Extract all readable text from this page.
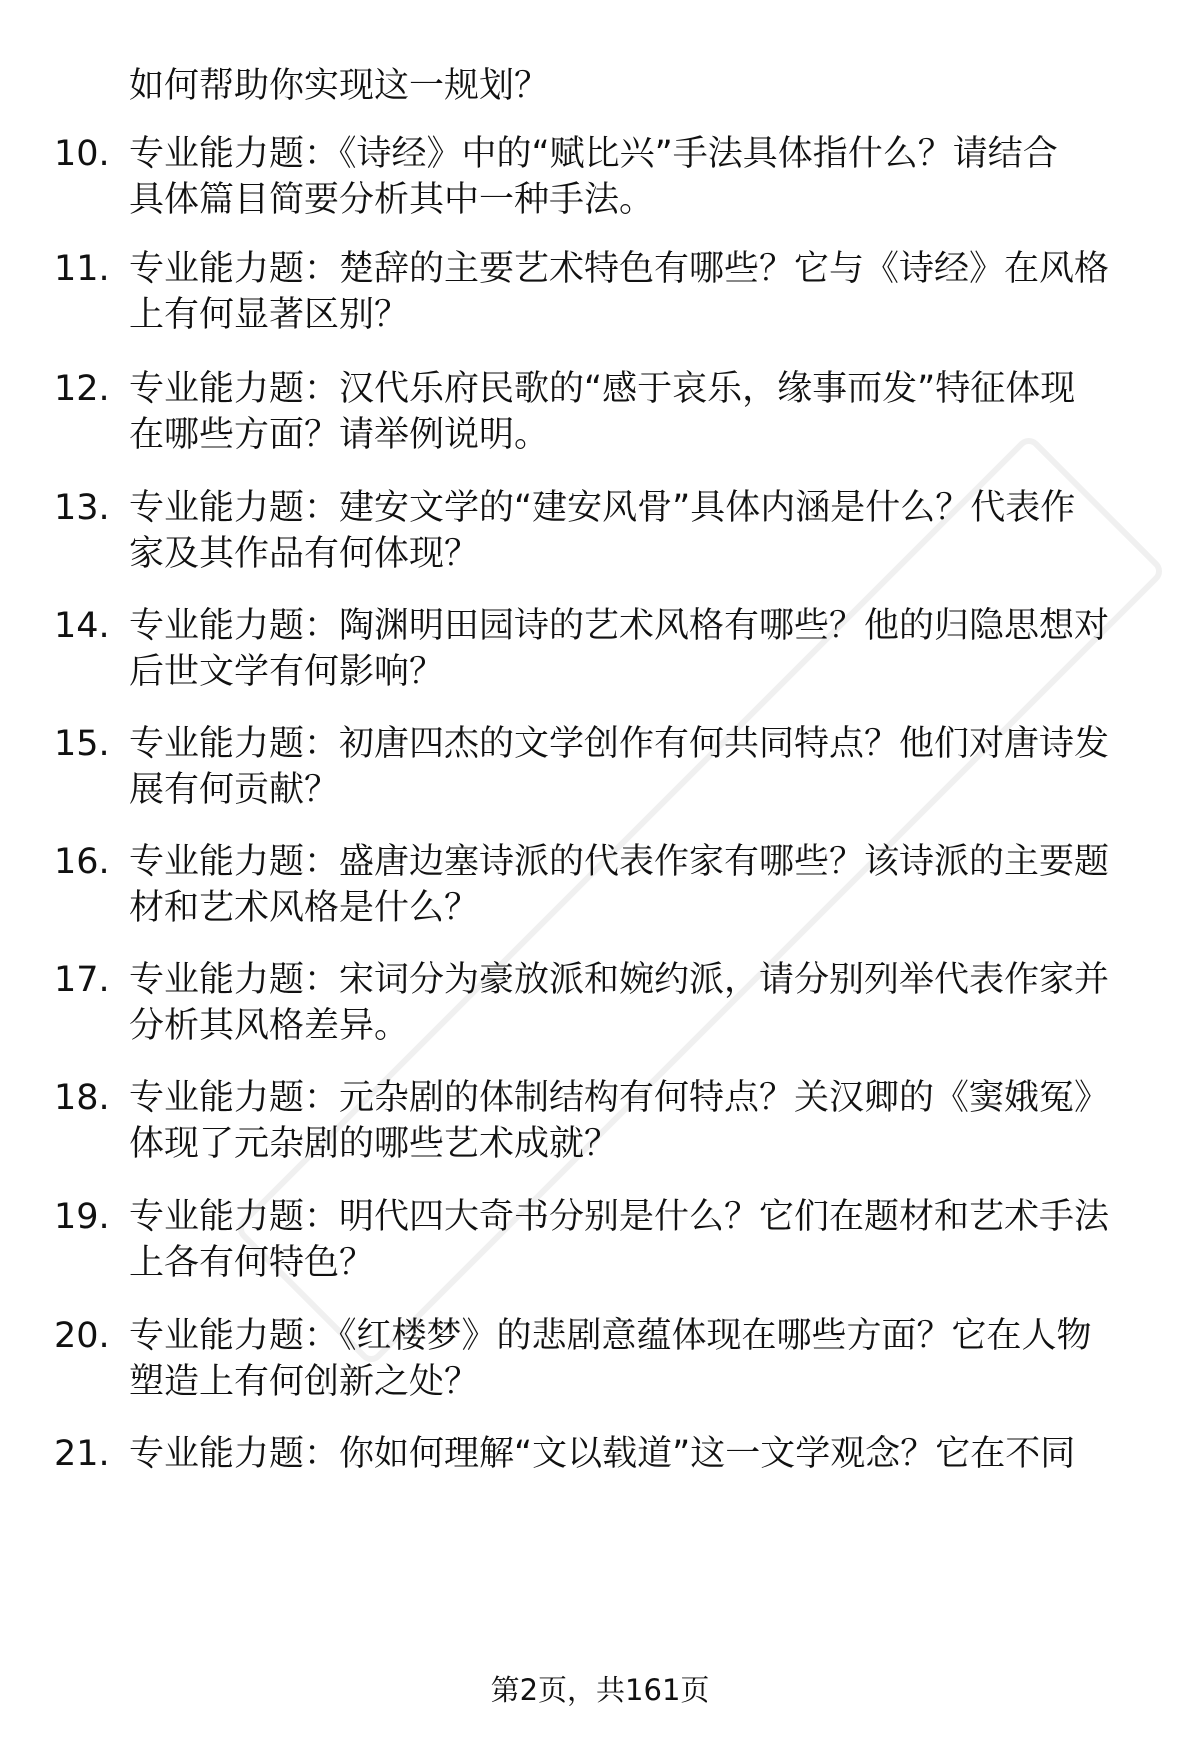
如何帮助你实现这一规划？
10. 专业能力题：《诗经》中的“赋比兴”手法具体指什么？请结合
具体篇目简要分析其中一种手法。
11. 专业能力题：楚辞的主要艺术特色有哪些？它与《诗经》在风格
上有何显著区别？
12. 专业能力题：汉代乐府民歌的“感于哀乐，缘事而发”特征体现
在哪些方面？请举例说明。
13. 专业能力题：建安文学的“建安风骨”具体内涵是什么？代表作
家及其作品有何体现？
14. 专业能力题：陶渊明田园诗的艺术风格有哪些？他的归隐思想对
后世文学有何影响？
15. 专业能力题：初唐四杰的文学创作有何共同特点？他们对唐诗发
展有何贡献？
16. 专业能力题：盛唐边塞诗派的代表作家有哪些？该诗派的主要题
材和艺术风格是什么？
17. 专业能力题：宋词分为豪放派和婉约派，请分别列举代表作家并
分析其风格差异。
18. 专业能力题：元杂剧的体制结构有何特点？关汉卿的《窦娥冤》
体现了元杂剧的哪些艺术成就？
19. 专业能力题：明代四大奇书分别是什么？它们在题材和艺术手法
上各有何特色？
20. 专业能力题：《红楼梦》的悲剧意蕴体现在哪些方面？它在人物
塑造上有何创新之处？
21. 专业能力题：你如何理解“文以载道”这一文学观念？它在不同
第2页，共161页
